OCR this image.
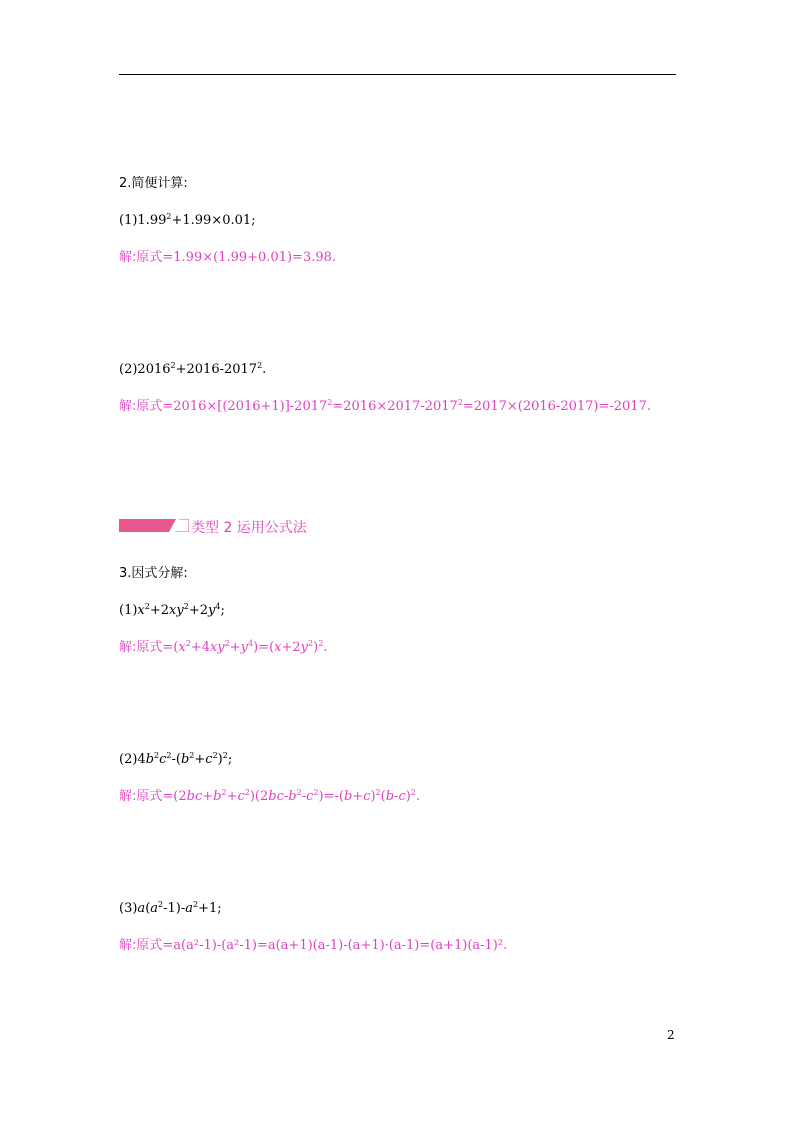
2.简便计算:
$(1)1.99^2+1.99\times 0.01$;
解:原式=1.99×(1.99+0.01)=3.98.
$(2)2016^2+2016-2017^2$.
解:原式$=2016\times[(2016+1)]-2017^2=2016\times 2017-2017^2=2017\times(2016-2017)=-2017$.
类型 2 运用公式法
3.因式分解:
$(1)x^2+2xy^2+2y^4$;
解:原式$=(x^2+4xy^2+y^4)=(x+2y^2)^2$.
$(2)4b^2c^2-(b^2+c^2)^2$;
解:原式$=(2bc+b^2+c^2)(2bc-b^2-c^2)=-(b+c)^2(b-c)^2$.
$(3)a(a^2-1)-a^2+1$;
解:原式=a(a²-1)-(a²-1)=a(a+1)(a-1)-(a+1)·(a-1)=(a+1)(a-1)².
2
